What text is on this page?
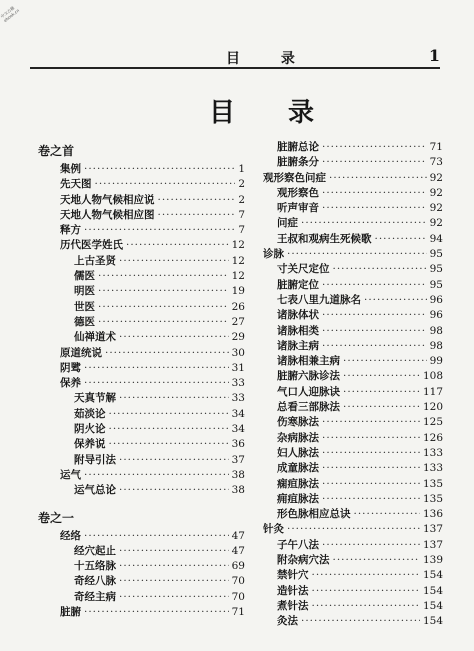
中文古籍 ebook.cn
目 录	1
目 录
卷之首
集例 ·····	1
先天图 ·····	2
天地人物气候相应说 ·····	2
天地人物气候相应图 ·····	7
释方 ·····	7
历代医学姓氏 ·····	12
上古圣贤 ·····	12
儒医 ·····	12
明医 ·····	19
世医 ·····	26
德医 ·····	27
仙禅道术 ·····	29
原道统说 ·····	30
阴骘 ·····	31
保养 ·····	33
天真节解 ·····	33
茹淡论 ·····	34
阴火论 ·····	34
保养说 ·····	36
附导引法 ·····	37
运气 ·····	38
运气总论 ·····	38
卷之一
经络 ·····	47
经穴起止 ·····	47
十五络脉 ·····	69
奇经八脉 ·····	70
奇经主病 ·····	70
脏腑 ·····	71
脏腑总论 ·····	71
脏腑条分 ·····	73
观形察色问症 ·····	92
观形察色 ·····	92
听声审音 ·····	92
问症 ·····	92
王叔和观病生死候歌 ·····	94
诊脉 ·····	95
寸关尺定位 ·····	95
脏腑定位 ·····	95
七表八里九道脉名 ·····	96
诸脉体状 ·····	96
诸脉相类 ·····	98
诸脉主病 ·····	98
诸脉相兼主病 ·····	99
脏腑六脉诊法 ·····	108
气口人迎脉诀 ·····	117
总看三部脉法 ·····	120
伤寒脉法 ·····	125
杂病脉法 ·····	126
妇人脉法 ·····	133
成童脉法 ·····	133
痫疸脉法 ·····	135
痈疽脉法 ·····	135
形色脉相应总诀 ·····	136
针灸 ·····	137
子午八法 ·····	137
附杂病穴法 ·····	139
禁针穴 ·····	154
造针法 ·····	154
煮针法 ·····	154
灸法 ·····	154
